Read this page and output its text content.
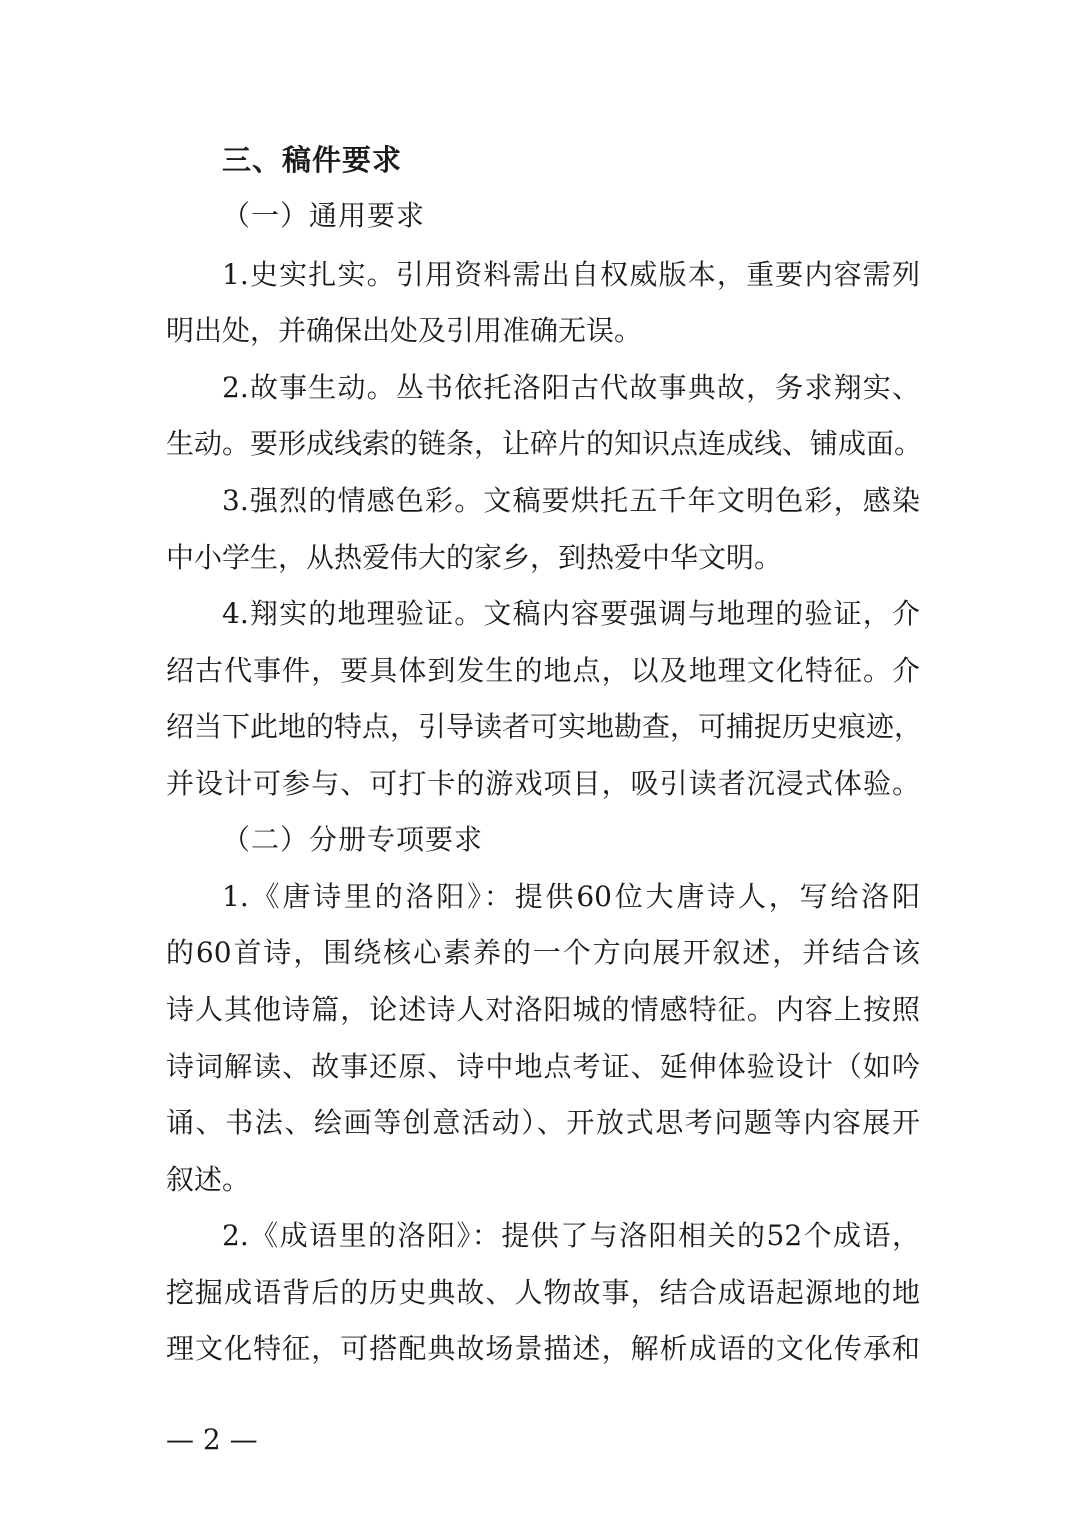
三、稿件要求
（一）通用要求
1.史实扎实。引用资料需出自权威版本，重要内容需列
明出处，并确保出处及引用准确无误。
2.故事生动。丛书依托洛阳古代故事典故，务求翔实、
生动。要形成线索的链条，让碎片的知识点连成线、铺成面。
3.强烈的情感色彩。文稿要烘托五千年文明色彩，感染
中小学生，从热爱伟大的家乡，到热爱中华文明。
4.翔实的地理验证。文稿内容要强调与地理的验证，介
绍古代事件，要具体到发生的地点，以及地理文化特征。介
绍当下此地的特点，引导读者可实地勘查，可捕捉历史痕迹，
并设计可参与、可打卡的游戏项目，吸引读者沉浸式体验。
（二）分册专项要求
1.《唐诗里的洛阳》：提供60位大唐诗人，写给洛阳
的60首诗，围绕核心素养的一个方向展开叙述，并结合该
诗人其他诗篇，论述诗人对洛阳城的情感特征。内容上按照
诗词解读、故事还原、诗中地点考证、延伸体验设计（如吟
诵、书法、绘画等创意活动）、开放式思考问题等内容展开
叙述。
2.《成语里的洛阳》：提供了与洛阳相关的52个成语，
挖掘成语背后的历史典故、人物故事，结合成语起源地的地
理文化特征，可搭配典故场景描述，解析成语的文化传承和
— 2 —
